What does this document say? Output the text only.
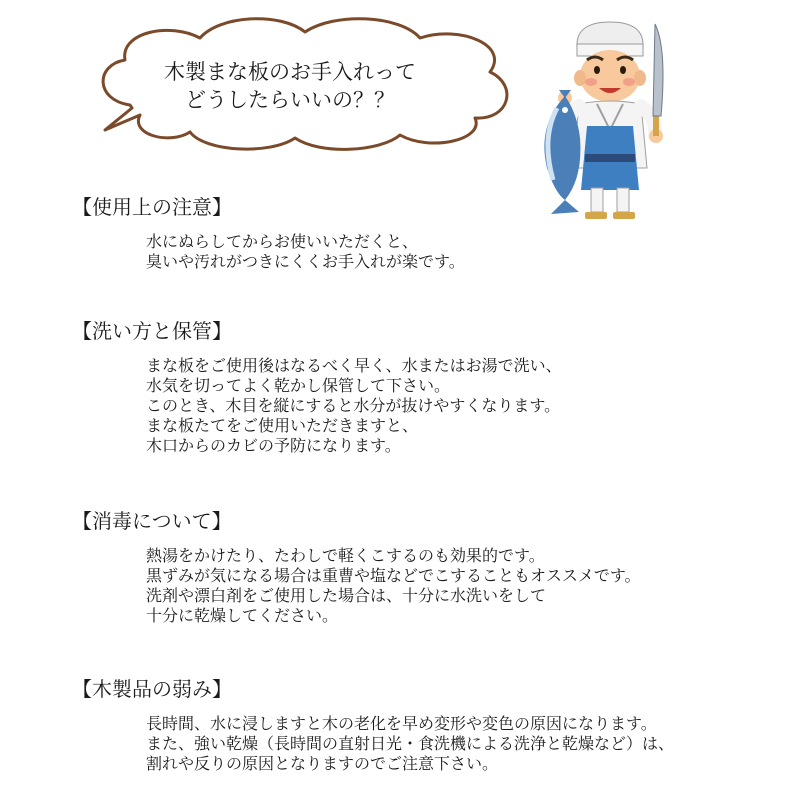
木製まな板のお手入れって
どうしたらいいの？？
【使用上の注意】
水にぬらしてからお使いいただくと、
臭いや汚れがつきにくくお手入れが楽です。
【洗い方と保管】
まな板をご使用後はなるべく早く、水またはお湯で洗い、
水気を切ってよく乾かし保管して下さい。
このとき、木目を縦にすると水分が抜けやすくなります。
まな板たてをご使用いただきますと、
木口からのカビの予防になります。
【消毒について】
熱湯をかけたり、たわしで軽くこするのも効果的です。
黒ずみが気になる場合は重曹や塩などでこすることもオススメです。
洗剤や漂白剤をご使用した場合は、十分に水洗いをして
十分に乾燥してください。
【木製品の弱み】
長時間、水に浸しますと木の老化を早め変形や変色の原因になります。
また、強い乾燥（長時間の直射日光・食洗機による洗浄と乾燥など）は、
割れや反りの原因となりますのでご注意下さい。
